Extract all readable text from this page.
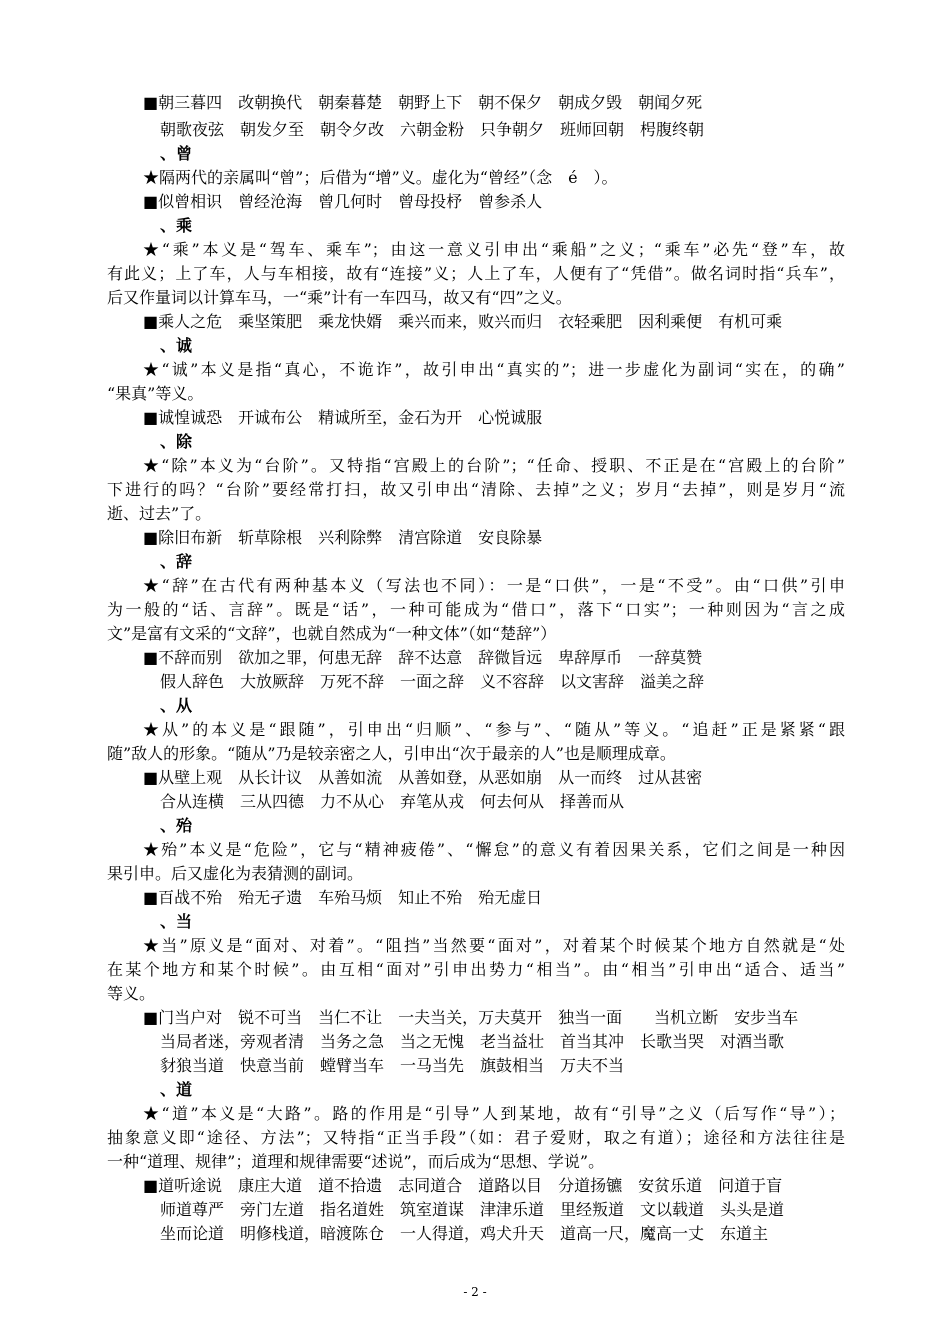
■朝三暮四　改朝换代　朝秦暮楚　朝野上下　朝不保夕　朝成夕毁　朝闻夕死
朝歌夜弦　朝发夕至　朝令夕改　六朝金粉　只争朝夕　班师回朝　枵腹终朝
、曾
★隔两代的亲属叫“曾”；后借为“增”义。虚化为“曾经”（念　é　）。
■似曾相识　曾经沧海　曾几何时　曾母投杼　曾参杀人
、乘
★“乘”本义是“驾车、乘车”；由这一意义引申出“乘船”之义；“乘车”必先“登”车，故
有此义；上了车，人与车相接，故有“连接”义；人上了车，人便有了“凭借”。做名词时指“兵车”，
后又作量词以计算车马，一“乘”计有一车四马，故又有“四”之义。
■乘人之危　乘坚策肥　乘龙快婿　乘兴而来，败兴而归　衣轻乘肥　因利乘便　有机可乘
、诚
★“诚”本义是指“真心，不诡诈”，故引申出“真实的”；进一步虚化为副词“实在，的确”
“果真”等义。
■诚惶诚恐　开诚布公　精诚所至，金石为开　心悦诚服
、除
★“除”本义为“台阶”。又特指“宫殿上的台阶”；“任命、授职、不正是在“宫殿上的台阶”
下进行的吗？“台阶”要经常打扫，故又引申出“清除、去掉”之义；岁月“去掉”，则是岁月“流
逝、过去”了。
■除旧布新　斩草除根　兴利除弊　清宫除道　安良除暴
、辞
★“辞”在古代有两种基本义（写法也不同）：一是“口供”，一是“不受”。由“口供”引申
为一般的“话、言辞”。既是“话”，一种可能成为“借口”，落下“口实”；一种则因为“言之成
文”是富有文采的“文辞”，也就自然成为“一种文体”（如“楚辞”）
■不辞而别　欲加之罪，何患无辞　辞不达意　辞微旨远　卑辞厚币　一辞莫赞
假人辞色　大放厥辞　万死不辞　一面之辞　义不容辞　以文害辞　溢美之辞
、从
★从”的本义是“跟随”，引申出“归顺”、“参与”、“随从”等义。“追赶”正是紧紧“跟
随”敌人的形象。“随从”乃是较亲密之人，引申出“次于最亲的人”也是顺理成章。
■从壁上观　从长计议　从善如流　从善如登，从恶如崩　从一而终　过从甚密
合从连横　三从四德　力不从心　弃笔从戎　何去何从　择善而从
、殆
★殆”本义是“危险”，它与“精神疲倦”、“懈怠”的意义有着因果关系，它们之间是一种因
果引申。后又虚化为表猜测的副词。
■百战不殆　殆无孑遗　车殆马烦　知止不殆　殆无虚日
、当
★当”原义是“面对、对着”。“阻挡”当然要“面对”，对着某个时候某个地方自然就是“处
在某个地方和某个时候”。由互相“面对”引申出势力“相当”。由“相当”引申出“适合、适当”
等义。
■门当户对　锐不可当　当仁不让　一夫当关，万夫莫开　独当一面　　当机立断　安步当车
当局者迷，旁观者清　当务之急　当之无愧　老当益壮　首当其冲　长歌当哭　对酒当歌
豺狼当道　快意当前　螳臂当车　一马当先　旗鼓相当　万夫不当
、道
★“道”本义是“大路”。路的作用是“引导”人到某地，故有“引导”之义（后写作“导”）；
抽象意义即“途径、方法”；又特指“正当手段”（如：君子爱财，取之有道）；途径和方法往往是
一种“道理、规律”；道理和规律需要“述说”，而后成为“思想、学说”。
■道听途说　康庄大道　道不拾遗　志同道合　道路以目　分道扬镳　安贫乐道　问道于盲
师道尊严　旁门左道　指名道姓　筑室道谋　津津乐道　里经叛道　文以载道　头头是道
坐而论道　明修栈道，暗渡陈仓　一人得道，鸡犬升天　道高一尺，魔高一丈　东道主
- 2 -
